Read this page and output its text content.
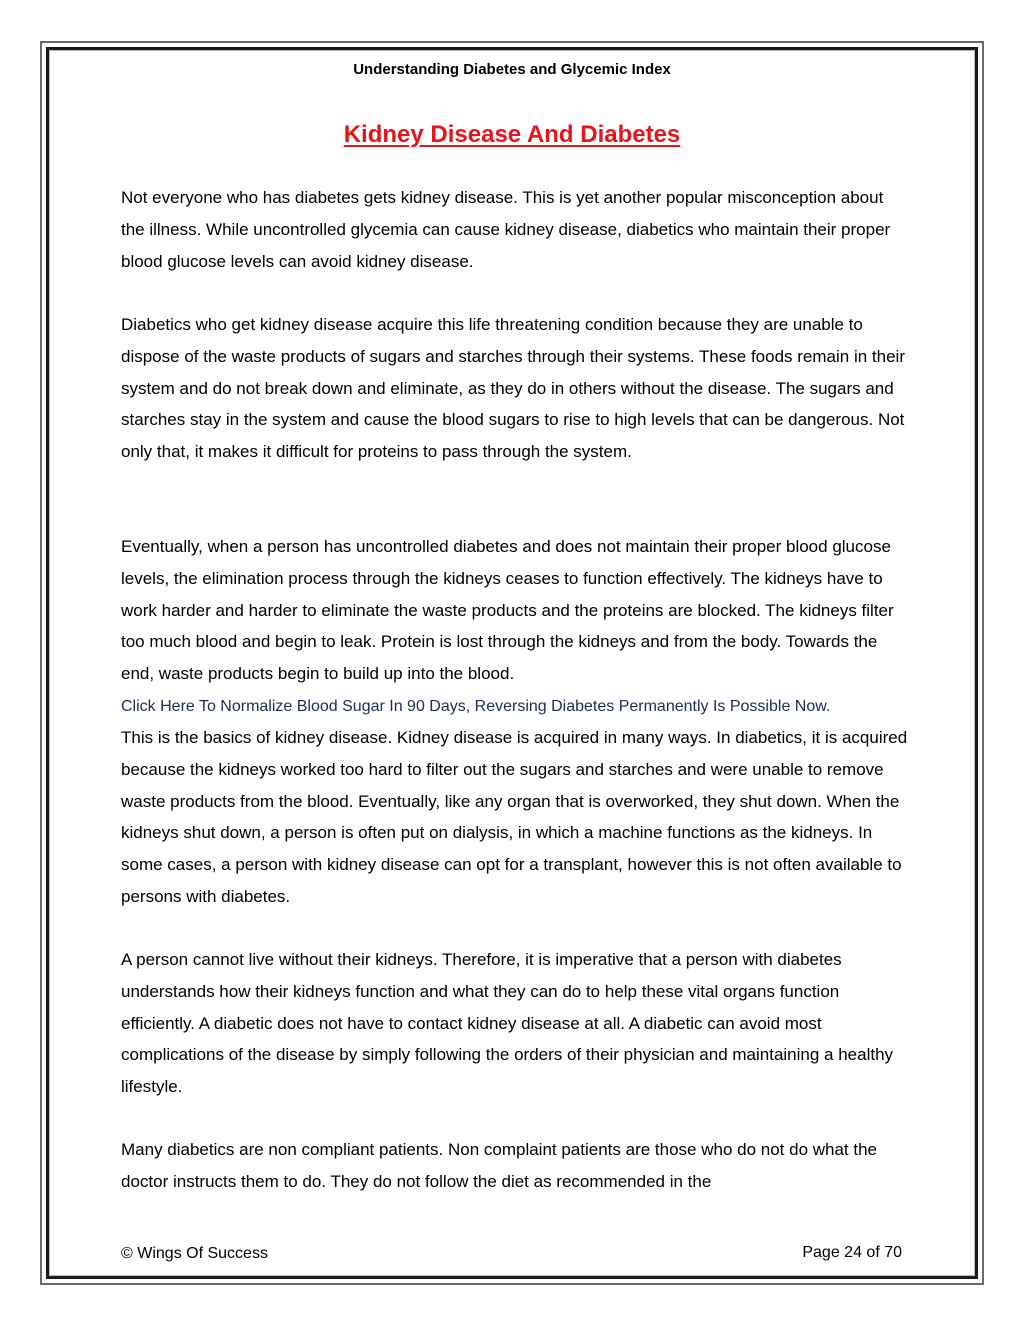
Understanding Diabetes and Glycemic Index
Kidney Disease And Diabetes

Not everyone who has diabetes gets kidney disease. This is yet another popular misconception about the illness. While uncontrolled glycemia can cause kidney disease, diabetics who maintain their proper blood glucose levels can avoid kidney disease.

Diabetics who get kidney disease acquire this life threatening condition because they are unable to dispose of the waste products of sugars and starches through their systems. These foods remain in their system and do not break down and eliminate, as they do in others without the disease. The sugars and starches stay in the system and cause the blood sugars to rise to high levels that can be dangerous. Not only that, it makes it difficult for proteins to pass through the system.

Eventually, when a person has uncontrolled diabetes and does not maintain their proper blood glucose levels, the elimination process through the kidneys ceases to function effectively. The kidneys have to work harder and harder to eliminate the waste products and the proteins are blocked. The kidneys filter too much blood and begin to leak. Protein is lost through the kidneys and from the body. Towards the end, waste products begin to build up into the blood.

Click Here To Normalize Blood Sugar In 90 Days, Reversing Diabetes Permanently Is Possible Now.

This is the basics of kidney disease. Kidney disease is acquired in many ways. In diabetics, it is acquired because the kidneys worked too hard to filter out the sugars and starches and were unable to remove waste products from the blood. Eventually, like any organ that is overworked, they shut down. When the kidneys shut down, a person is often put on dialysis, in which a machine functions as the kidneys. In some cases, a person with kidney disease can opt for a transplant, however this is not often available to persons with diabetes.

A person cannot live without their kidneys. Therefore, it is imperative that a person with diabetes understands how their kidneys function and what they can do to help these vital organs function efficiently. A diabetic does not have to contact kidney disease at all. A diabetic can avoid most complications of the disease by simply following the orders of their physician and maintaining a healthy lifestyle.

Many diabetics are non compliant patients. Non complaint patients are those who do not do what the doctor instructs them to do. They do not follow the diet as recommended in the

© Wings Of Success	Page 24 of 70
